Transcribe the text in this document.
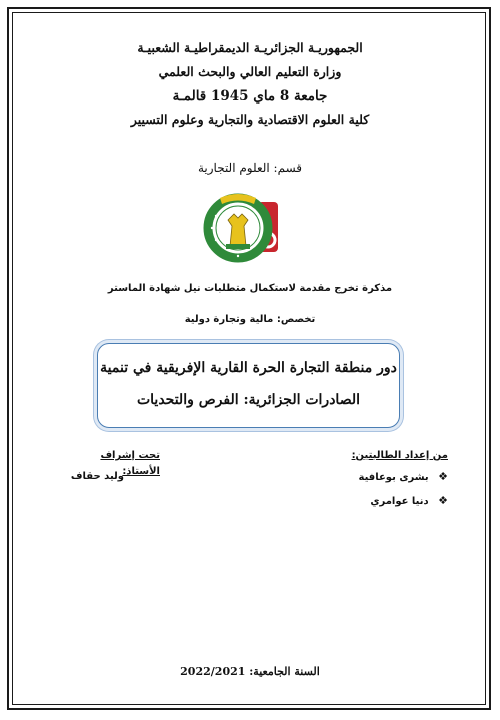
الجمهوريـة الجزائريـة الديمقراطيـة الشعبيـة
وزارة التعليم العالي والبحث العلمي
جامعة 8 ماي 1945 قالمـة
كلية العلوم الاقتصادية والتجارية وعلوم التسيير
قسم: العلوم التجارية
مذكرة تخرج مقدمة لاستكمال متطلبات نيل شهادة الماستر
تخصص: مالية وتجارة دولية
دور منطقة التجارة الحرة القارية الإفريقية في تنمية
الصادرات الجزائرية: الفرص والتحديات
من إعداد الطالبتين:
❖ بشرى بوعافية
❖ دنيا عوامري
تحت إشراف الأستاذ:
وليد حقاف
السنة الجامعية: 2022/2021
